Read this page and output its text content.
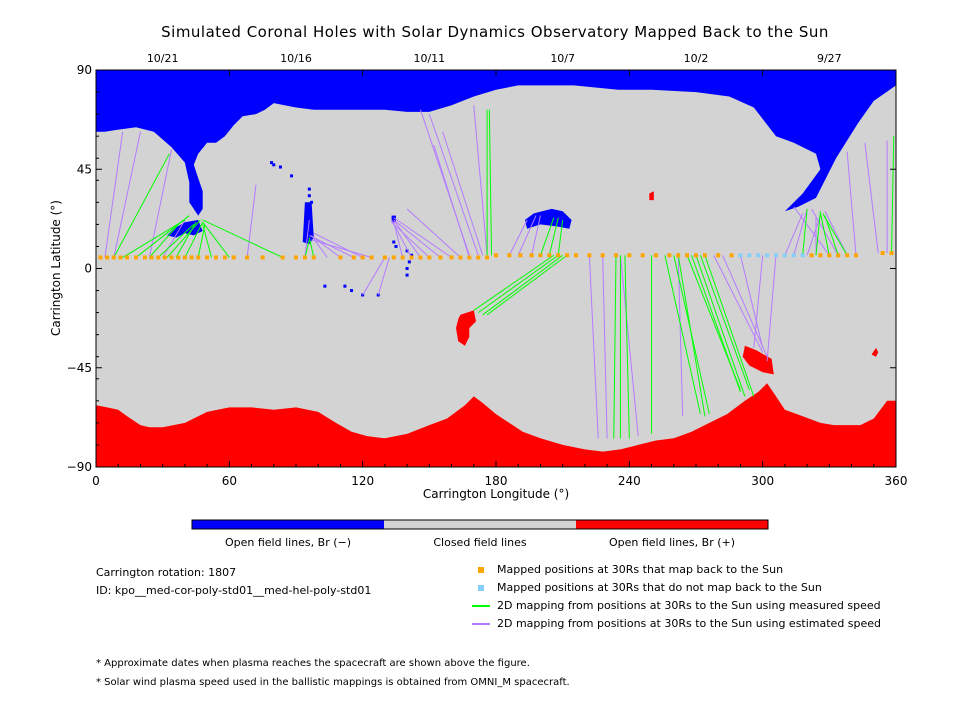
Simulated Coronal Holes with Solar Dynamics Observatory Mapped Back to the Sun
0	60	120	180	240	300	360
90
45
0
−45
−90
10/21	10/16	10/11	10/7	10/2	9/27
Carrington Longitude (°)
Carrington Latitude (°)
Open field lines, Br (−)	Closed field lines	Open field lines, Br (+)
Carrington rotation: 1807
ID: kpo__med-cor-poly-std01__med-hel-poly-std01
Mapped positions at 30Rs that map back to the Sun
Mapped positions at 30Rs that do not map back to the Sun
2D mapping from positions at 30Rs to the Sun using measured speed
2D mapping from positions at 30Rs to the Sun using estimated speed
* Approximate dates when plasma reaches the spacecraft are shown above the figure.
* Solar wind plasma speed used in the ballistic mappings is obtained from OMNI_M spacecraft.
